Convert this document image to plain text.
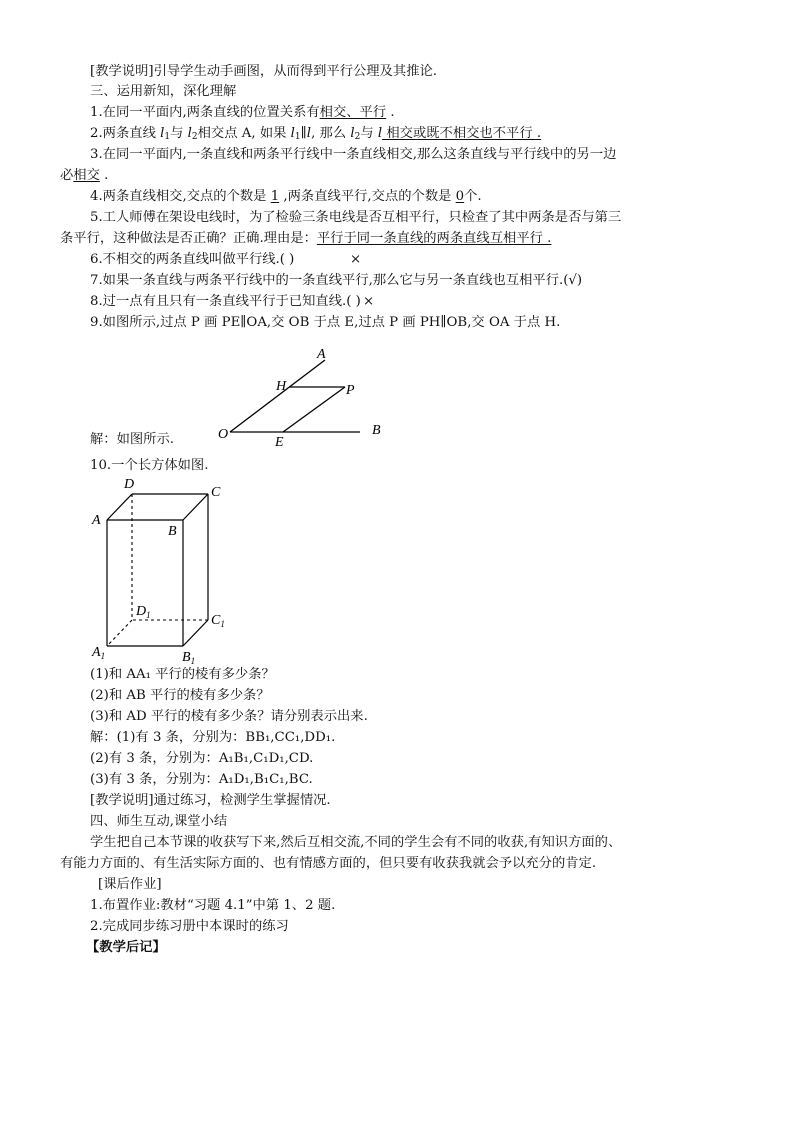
[教学说明]引导学生动手画图，从而得到平行公理及其推论.
三、运用新知，深化理解
1.在同一平面内,两条直线的位置关系有相交、平行 .
2.两条直线 $l_1$与 $l_2$相交点 A, 如果 $l_1\parallel l$, 那么 $l_2$与 l 相交或既不相交也不平行 .
3.在同一平面内,一条直线和两条平行线中一条直线相交,那么这条直线与平行线中的另一边
必相交 .
4.两条直线相交,交点的个数是 1 ,两条直线平行,交点的个数是 0个.
5.工人师傅在架设电线时，为了检验三条电线是否互相平行，只检查了其中两条是否与第三
条平行，这种做法是否正确？正确.理由是：平行于同一条直线的两条直线互相平行 .
6.不相交的两条直线叫做平行线.( )
7.如果一条直线与两条平行线中的一条直线平行,那么它与另一条直线也互相平行.(√)
8.过一点有且只有一条直线平行于已知直线.( )
9.如图所示,过点 P 画 PE∥OA,交 OB 于点 E,过点 P 画 PH∥OB,交 OA 于点 H.
×
×
A
H	P
O
E
B
解：如图所示.
10.一个长方体如图.
D
C
A
B
$D_1$	$C_1$
$A_1$	$B_1$
(1)和 AA₁ 平行的棱有多少条？
(2)和 AB 平行的棱有多少条？
(3)和 AD 平行的棱有多少条？请分别表示出来.
解：(1)有 3 条，分别为：BB₁,CC₁,DD₁.
(2)有 3 条，分别为：A₁B₁,C₁D₁,CD.
(3)有 3 条，分别为：A₁D₁,B₁C₁,BC.
[教学说明]通过练习，检测学生掌握情况.
四、师生互动,课堂小结
学生把自己本节课的收获写下来,然后互相交流,不同的学生会有不同的收获,有知识方面的、
有能力方面的、有生活实际方面的、也有情感方面的，但只要有收获我就会予以充分的肯定.
[课后作业]
1.布置作业:教材“习题 4.1”中第 1、2 题.
2.完成同步练习册中本课时的练习
【教学后记】
